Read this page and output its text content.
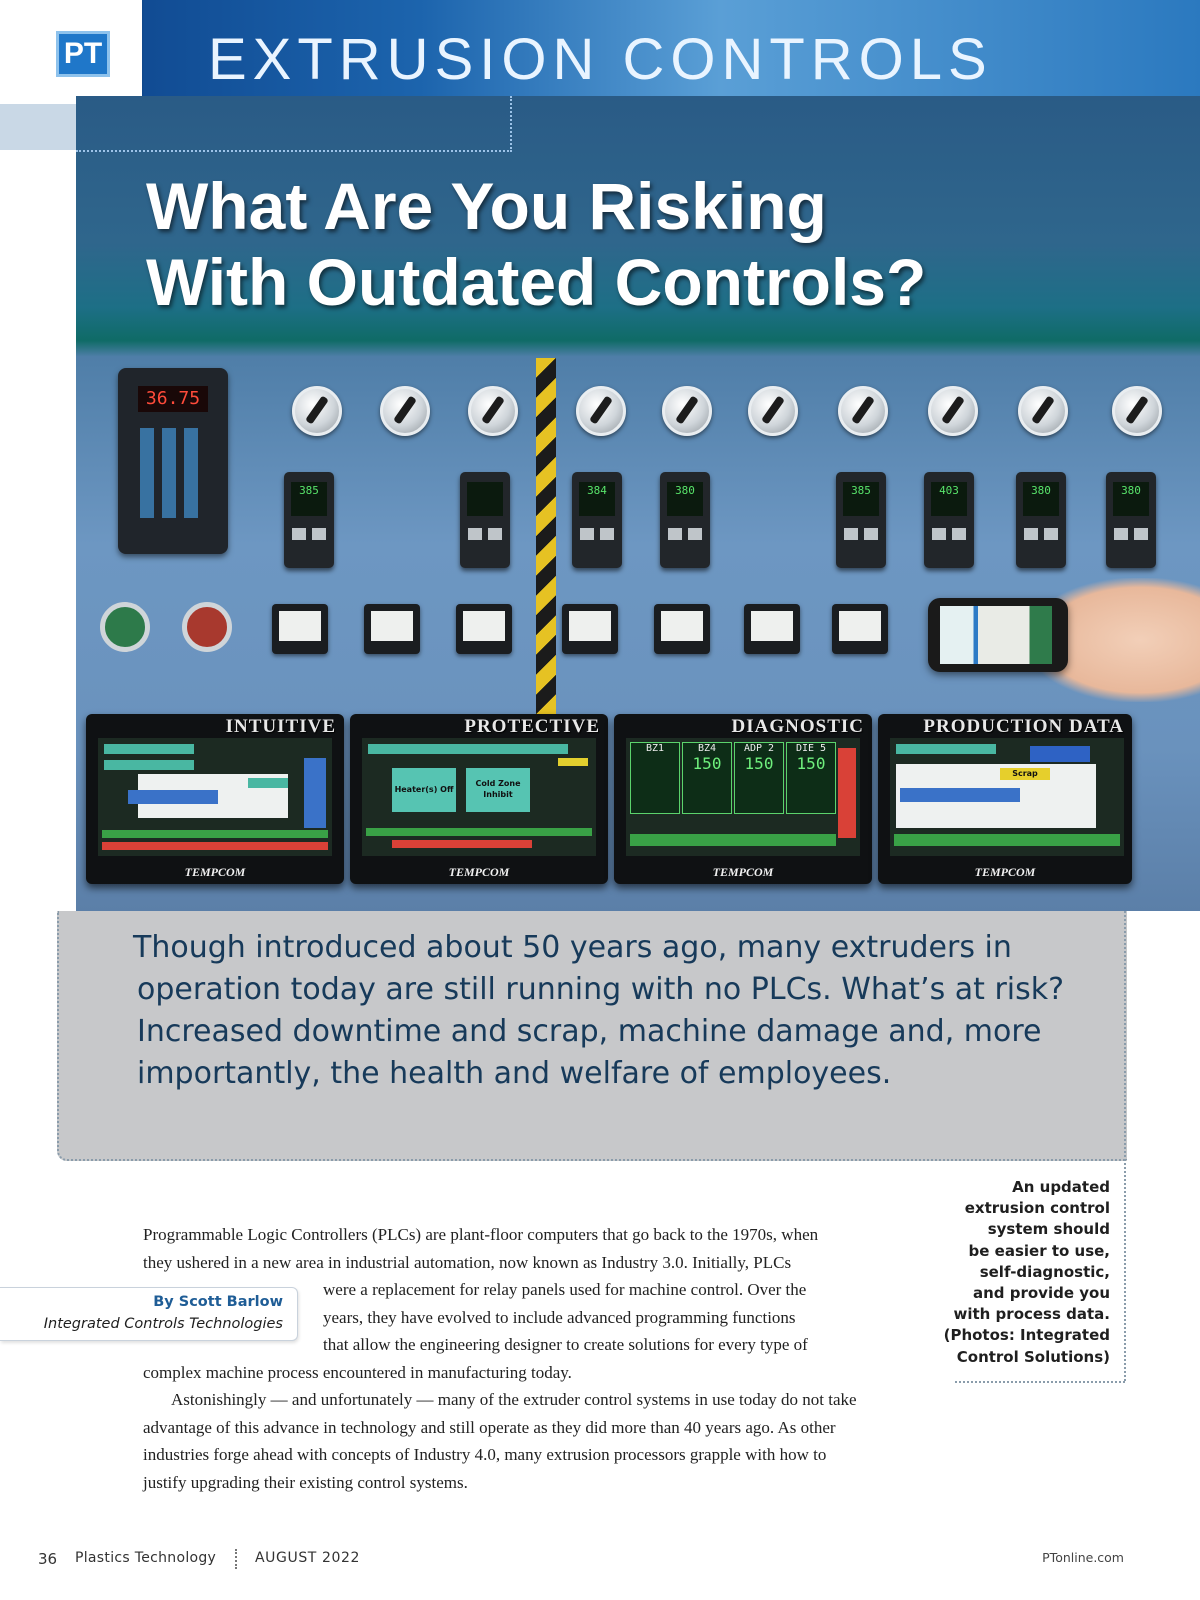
EXTRUSION CONTROLS
PT
What Are You Risking
With Outdated Controls?
36.75
385	384	380	385	403	380	380
INTUITIVE
TEMPCOM
PROTECTIVE
Heater(s) Off
Cold Zone Inhibit
TEMPCOM
DIAGNOSTIC
BZ1	BZ4
150
ADP 2
150
DIE 5
150
TEMPCOM
PRODUCTION DATA
Scrap
TEMPCOM
Though introduced about 50 years ago, many extruders in
operation today are still running with no PLCs. What’s at risk?
Increased downtime and scrap, machine damage and, more
importantly, the health and welfare of employees.
An updated
extrusion control
system should
be easier to use,
self-diagnostic,
and provide you
with process data.
(Photos: Integrated
Control Solutions)
By Scott Barlow
Integrated Controls Technologies
Programmable Logic Controllers (PLCs) are plant-floor computers that go back to the 1970s, when
they ushered in a new area in industrial automation, now known as Industry 3.0. Initially, PLCs
were a replacement for relay panels used for machine control. Over the
years, they have evolved to include advanced programming functions
that allow the engineering designer to create solutions for every type of
complex machine process encountered in manufacturing today.
Astonishingly — and unfortunately — many of the extruder control systems in use today do not take
advantage of this advance in technology and still operate as they did more than 40 years ago. As other
industries forge ahead with concepts of Industry 4.0, many extrusion processors grapple with how to
justify upgrading their existing control systems.
36 Plastics Technology	AUGUST 2022	PTonline.com
